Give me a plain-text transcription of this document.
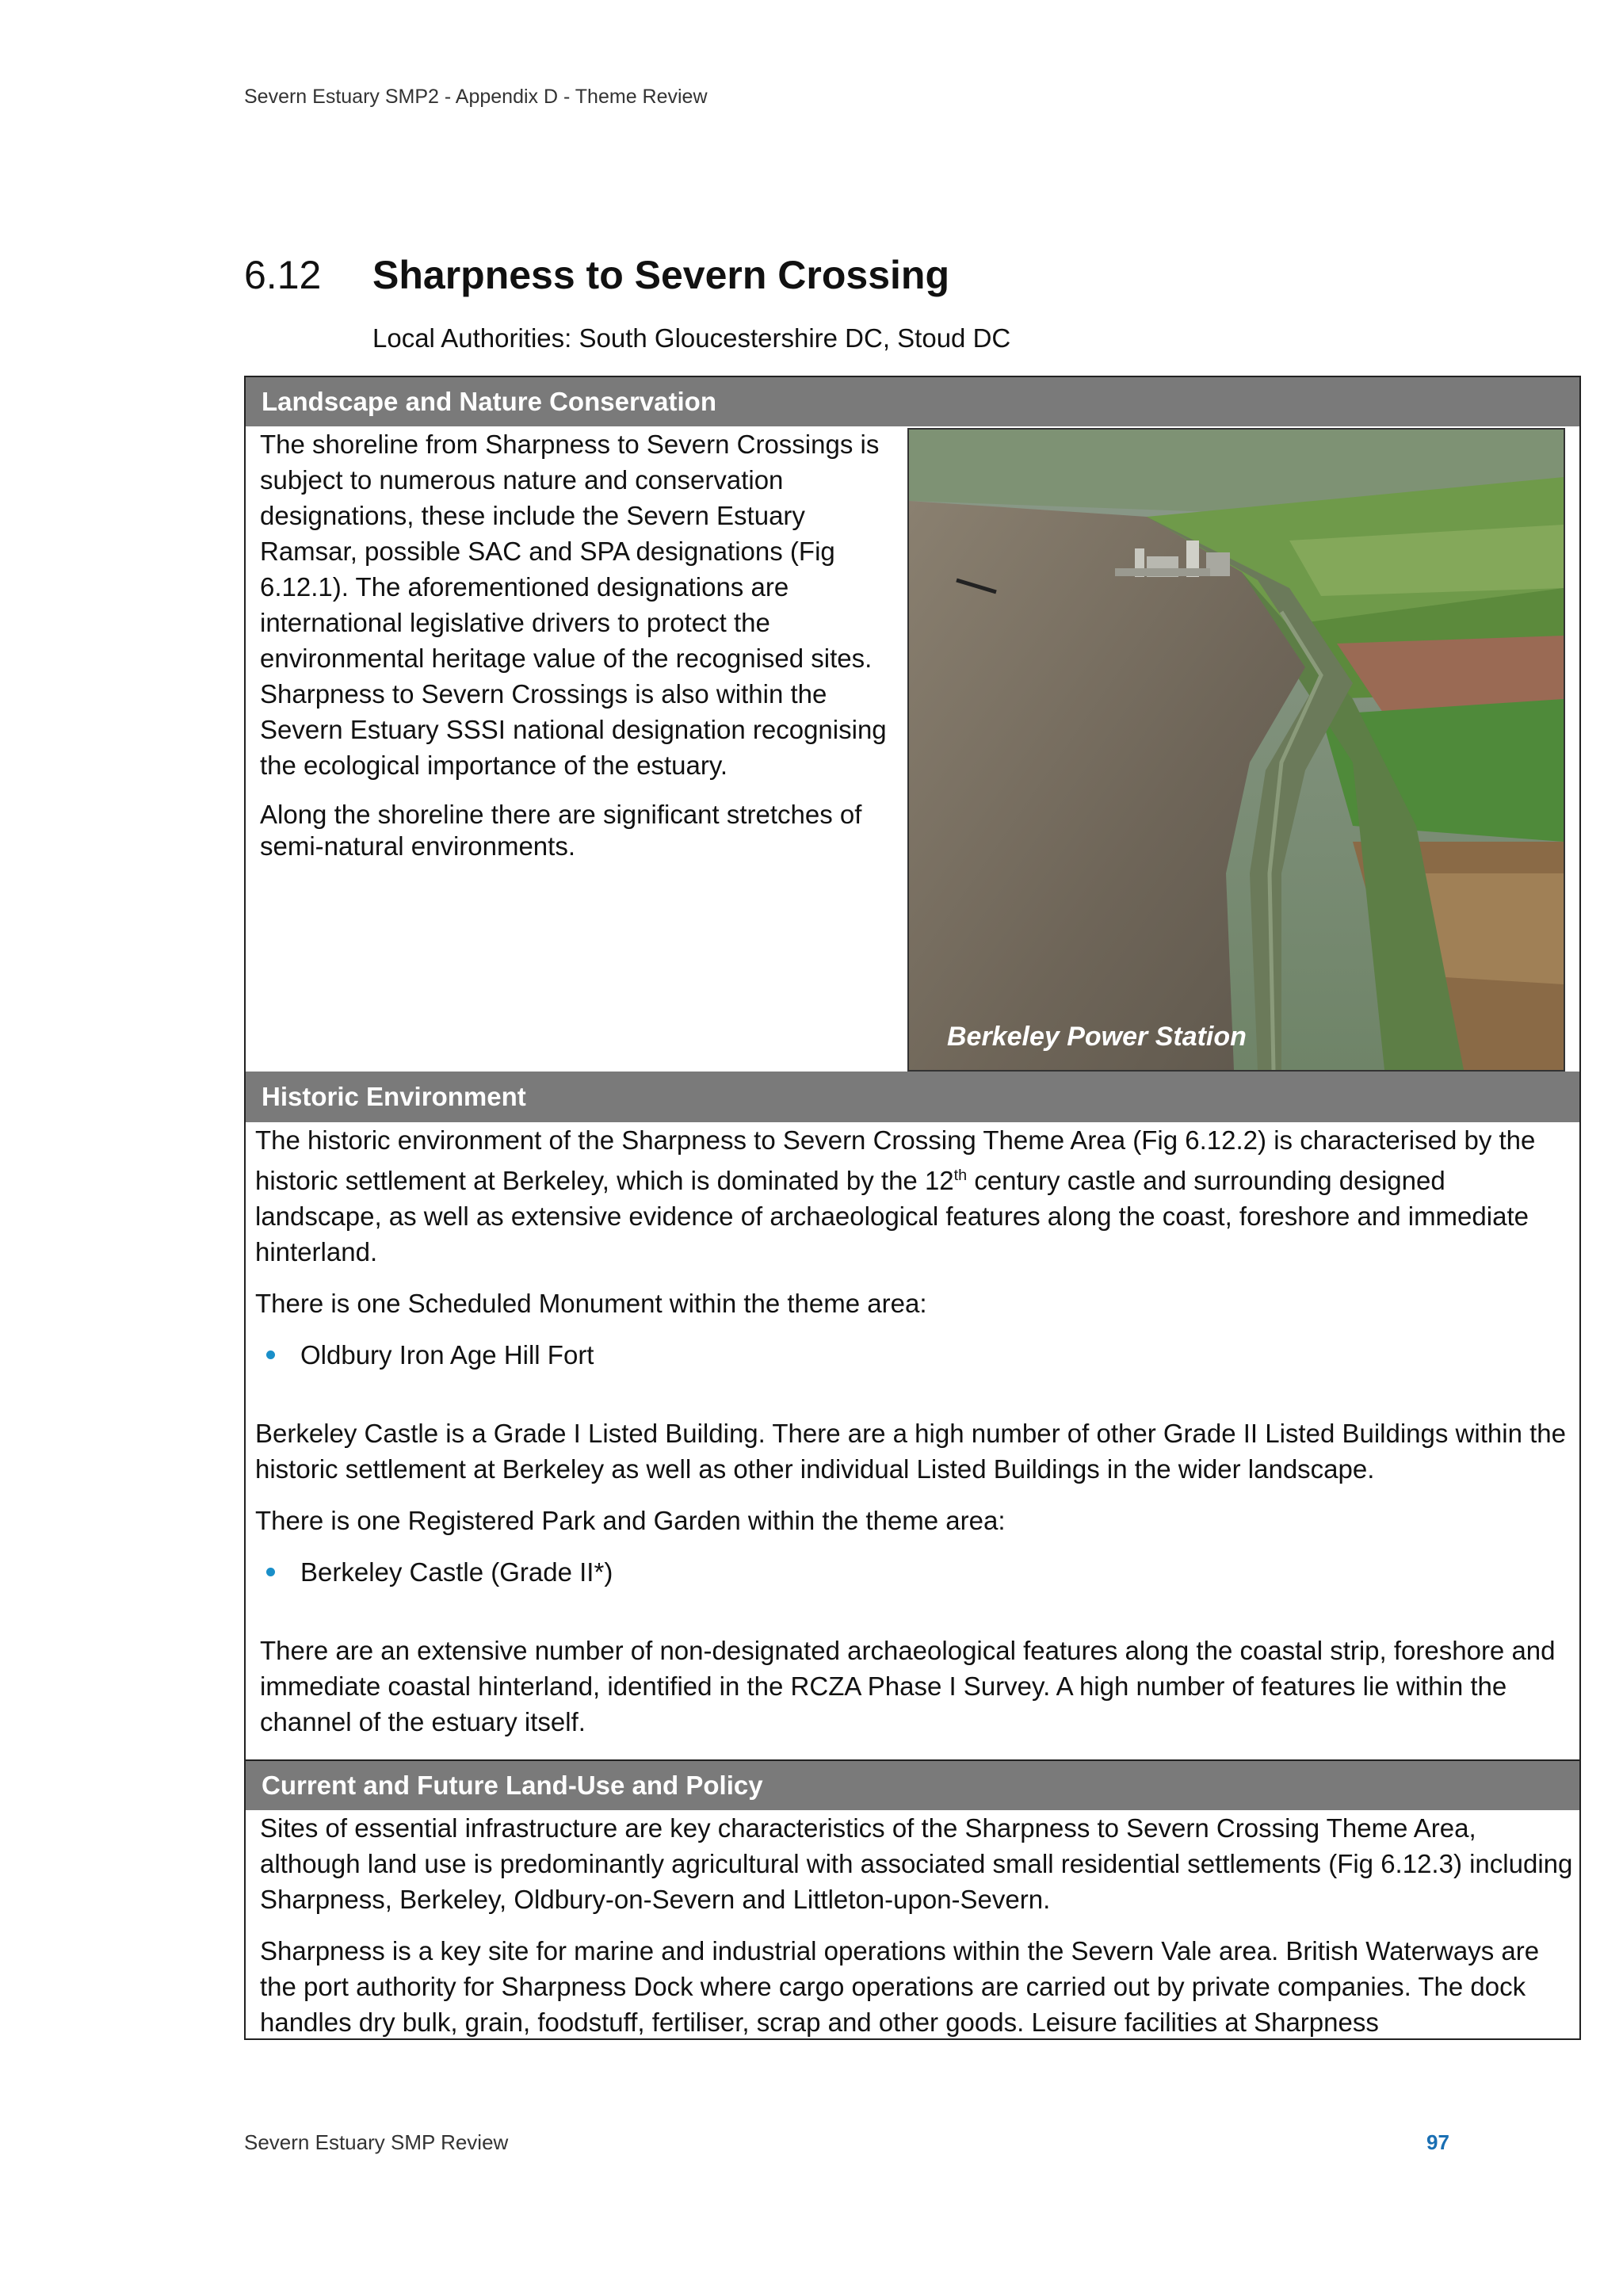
Severn Estuary SMP2 - Appendix D - Theme Review
6.12	Sharpness to Severn Crossing
Local Authorities: South Gloucestershire DC, Stoud DC
Landscape and Nature Conservation

The shoreline from Sharpness to Severn Crossings is subject to numerous nature and conservation designations, these include the Severn Estuary Ramsar, possible SAC and SPA designations (Fig 6.12.1). The aforementioned designations are international legislative drivers to protect the environmental heritage value of the recognised sites. Sharpness to Severn Crossings is also within the Severn Estuary SSSI national designation recognising the ecological importance of the estuary.

Along the shoreline there are significant stretches of semi-natural environments.

Berkeley Power Station
Historic Environment

The historic environment of the Sharpness to Severn Crossing Theme Area (Fig 6.12.2) is characterised by the historic settlement at Berkeley, which is dominated by the 12th century castle and surrounding designed landscape, as well as extensive evidence of archaeological features along the coast, foreshore and immediate hinterland.

There is one Scheduled Monument within the theme area:

Oldbury Iron Age Hill Fort

Berkeley Castle is a Grade I Listed Building. There are a high number of other Grade II Listed Buildings within the historic settlement at Berkeley as well as other individual Listed Buildings in the wider landscape.

There is one Registered Park and Garden within the theme area:

Berkeley Castle (Grade II*)

There are an extensive number of non-designated archaeological features along the coastal strip, foreshore and immediate coastal hinterland, identified in the RCZA Phase I Survey. A high number of features lie within the channel of the estuary itself.

Current and Future Land-Use and Policy

Sites of essential infrastructure are key characteristics of the Sharpness to Severn Crossing Theme Area, although land use is predominantly agricultural with associated small residential settlements (Fig 6.12.3) including Sharpness, Berkeley, Oldbury-on-Severn and Littleton-upon-Severn.

Sharpness is a key site for marine and industrial operations within the Severn Vale area. British Waterways are the port authority for Sharpness Dock where cargo operations are carried out by private companies. The dock handles dry bulk, grain, foodstuff, fertiliser, scrap and other goods. Leisure facilities at Sharpness

Severn Estuary SMP Review	97
